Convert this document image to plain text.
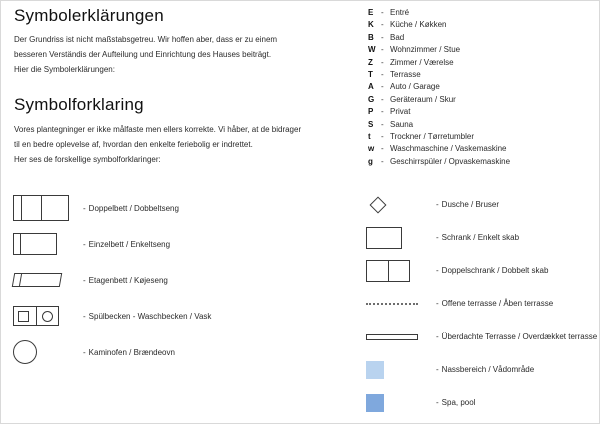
Symbolerklärungen

Der Grundriss ist nicht maßstabsgetreu. Wir hoffen aber, dass er zu einem

besseren Verständis der Aufteilung und Einrichtung des Hauses beiträgt.

Hier die Symbolerklärungen:

Symbolforklaring

Vores plantegninger er ikke målfaste men ellers korrekte. Vi håber, at de bidrager

til en bedre oplevelse af, hvordan den enkelte feriebolig er indrettet.

Her ses de forskellige symbolforklaringer:

- Doppelbett / Dobbeltseng
- Einzelbett / Enkeltseng
- Etagenbett / Køjeseng
- Spülbecken - Waschbecken / Vask
- Kaminofen / Brændeovn
E - Entré
K - Küche / Køkken
B - Bad
W - Wohnzimmer / Stue
Z	- Zimmer / Værelse
T	- Terrasse
A - Auto / Garage
G - Geräteraum / Skur
P - Privat
S - Sauna
t	- Trockner / Tørretumbler
w - Waschmaschine / Vaskemaskine
g	- Geschirrspüler / Opvaskemaskine
- Dusche / Bruser
- Schrank / Enkelt skab
- Doppelschrank / Dobbelt skab
- Offene terrasse / Åben terrasse
- Überdachte Terrasse / Overdækket terrasse
- Nassbereich / Vådområde
- Spa, pool
